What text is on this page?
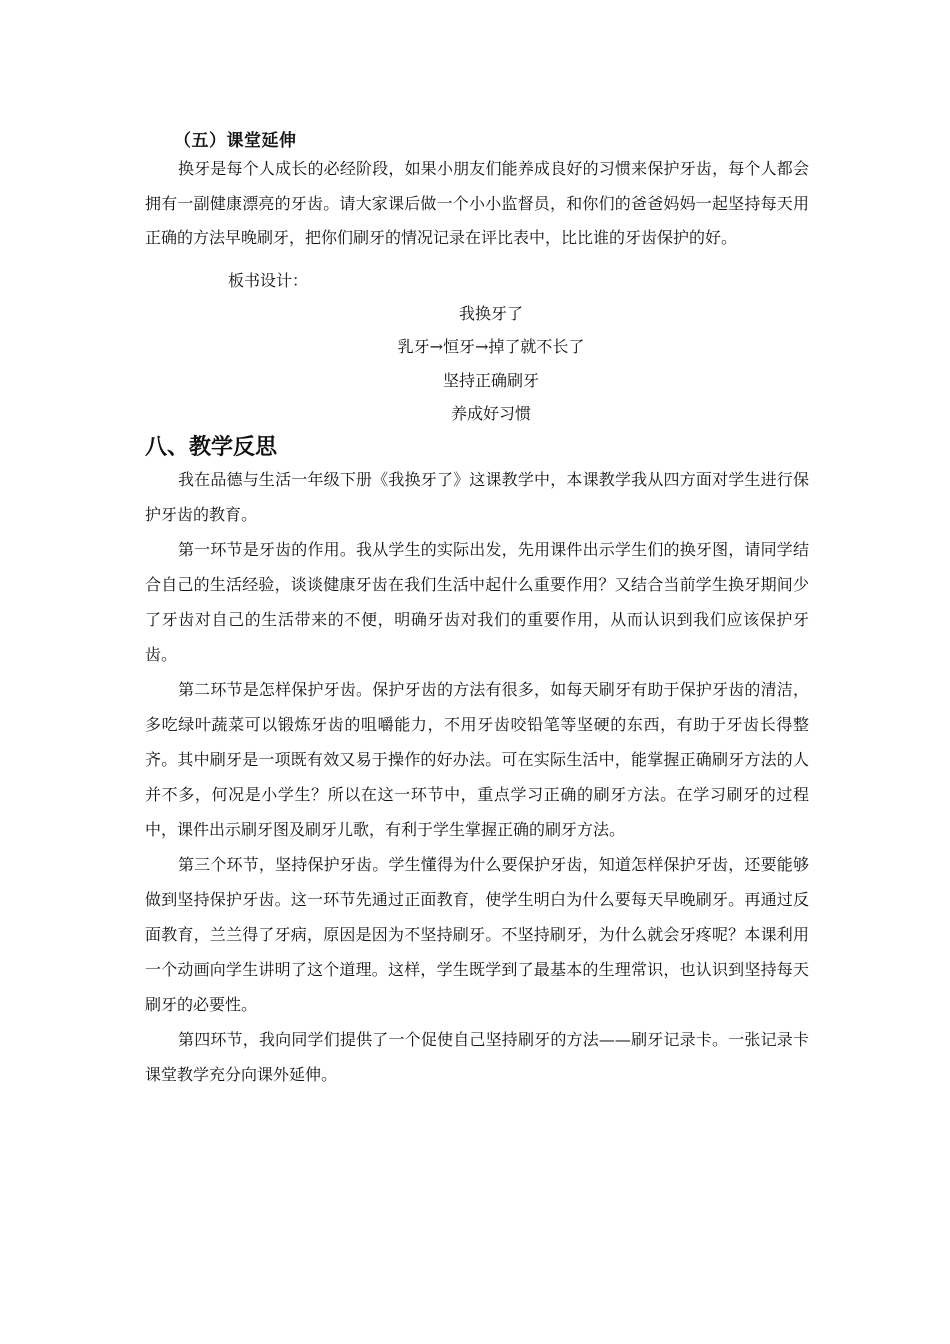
（五）课堂延伸

换牙是每个人成长的必经阶段，如果小朋友们能养成良好的习惯来保护牙齿，每个人都会拥有一副健康漂亮的牙齿。请大家课后做一个小小监督员，和你们的爸爸妈妈一起坚持每天用正确的方法早晚刷牙，把你们刷牙的情况记录在评比表中，比比谁的牙齿保护的好。

板书设计：
我换牙了
乳牙→恒牙→掉了就不长了
坚持正确刷牙
养成好习惯
八、教学反思

我在品德与生活一年级下册《我换牙了》这课教学中，本课教学我从四方面对学生进行保护牙齿的教育。

第一环节是牙齿的作用。我从学生的实际出发，先用课件出示学生们的换牙图，请同学结合自己的生活经验，谈谈健康牙齿在我们生活中起什么重要作用？又结合当前学生换牙期间少了牙齿对自己的生活带来的不便，明确牙齿对我们的重要作用，从而认识到我们应该保护牙齿。

第二环节是怎样保护牙齿。保护牙齿的方法有很多，如每天刷牙有助于保护牙齿的清洁，多吃绿叶蔬菜可以锻炼牙齿的咀嚼能力，不用牙齿咬铅笔等坚硬的东西，有助于牙齿长得整齐。其中刷牙是一项既有效又易于操作的好办法。可在实际生活中，能掌握正确刷牙方法的人并不多，何况是小学生？所以在这一环节中，重点学习正确的刷牙方法。在学习刷牙的过程中，课件出示刷牙图及刷牙儿歌，有利于学生掌握正确的刷牙方法。

第三个环节，坚持保护牙齿。学生懂得为什么要保护牙齿，知道怎样保护牙齿，还要能够做到坚持保护牙齿。这一环节先通过正面教育，使学生明白为什么要每天早晚刷牙。再通过反面教育，兰兰得了牙病，原因是因为不坚持刷牙。不坚持刷牙，为什么就会牙疼呢？本课利用一个动画向学生讲明了这个道理。这样，学生既学到了最基本的生理常识，也认识到坚持每天刷牙的必要性。

第四环节，我向同学们提供了一个促使自己坚持刷牙的方法——刷牙记录卡。一张记录卡课堂教学充分向课外延伸。
